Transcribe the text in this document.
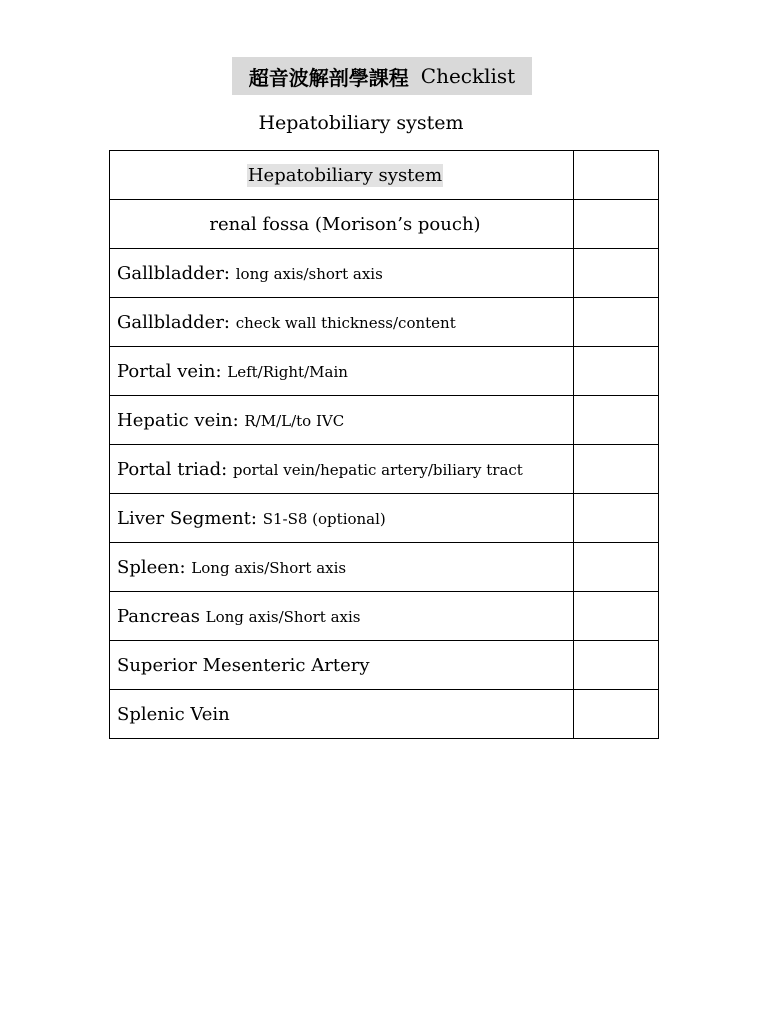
超音波解剖學課程 Checklist
Hepatobiliary system
Hepatobiliary system	
renal fossa (Morison’s pouch)	
Gallbladder: long axis/short axis	
Gallbladder: check wall thickness/content	
Portal vein: Left/Right/Main	
Hepatic vein: R/M/L/to IVC	
Portal triad: portal vein/hepatic artery/biliary tract	
Liver Segment: S1-S8 (optional)	
Spleen: Long axis/Short axis	
Pancreas Long axis/Short axis	
Superior Mesenteric Artery	
Splenic Vein	
